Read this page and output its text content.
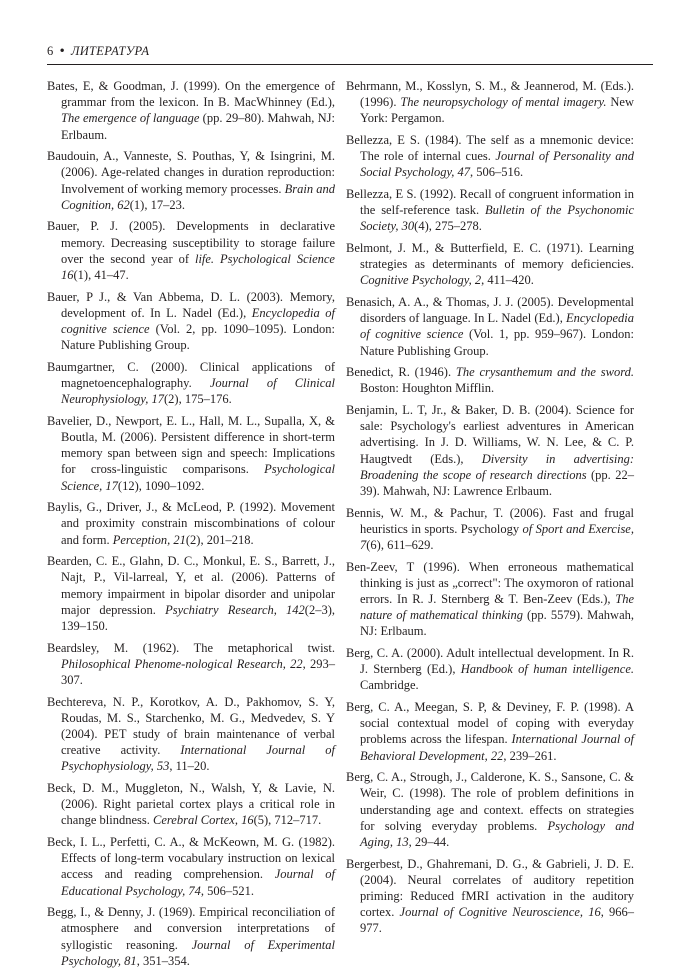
6 • ЛИТЕРАТУРА

Bates, E, & Goodman, J. (1999). On the emergence of grammar from the lexicon. In B. MacWhinney (Ed.), The emergence of language (pp. 29–80). Mahwah, NJ: Erlbaum.

Baudouin, A., Vanneste, S. Pouthas, Y, & Isingrini, M. (2006). Age-related changes in duration reproduction: Involvement of working memory processes. Brain and Cognition, 62(1), 17–23.

Bauer, P. J. (2005). Developments in declarative memory. Decreasing susceptibility to storage failure over the second year of life. Psychological Science 16(1), 41–47.

Bauer, P J., & Van Abbema, D. L. (2003). Memory, development of. In L. Nadel (Ed.), Encyclopedia of cognitive science (Vol. 2, pp. 1090–1095). London: Nature Publishing Group.

Baumgartner, C. (2000). Clinical applications of magnetoencephalography. Journal of Clinical Neurophysiology, 17(2), 175–176.

Bavelier, D., Newport, E. L., Hall, M. L., Supalla, X, & Boutla, M. (2006). Persistent difference in short-term memory span between sign and speech: Implications for cross-linguistic comparisons. Psychological Science, 17(12), 1090–1092.

Baylis, G., Driver, J., & McLeod, P. (1992). Movement and proximity constrain miscombinations of colour and form. Perception, 21(2), 201–218.

Bearden, C. E., Glahn, D. C., Monkul, E. S., Barrett, J., Najt, P., Vil-larreal, Y, et al. (2006). Patterns of memory impairment in bipolar disorder and unipolar major depression. Psychiatry Research, 142(2–3), 139–150.

Beardsley, M. (1962). The metaphorical twist. Philosophical Phenome-nological Research, 22, 293–307.

Bechtereva, N. P., Korotkov, A. D., Pakhomov, S. Y, Roudas, M. S., Starchenko, M. G., Medvedev, S. Y (2004). PET study of brain maintenance of verbal creative activity. International Journal of Psychophysiology, 53, 11–20.

Beck, D. M., Muggleton, N., Walsh, Y, & Lavie, N. (2006). Right parietal cortex plays a critical role in change blindness. Cerebral Cortex, 16(5), 712–717.

Beck, I. L., Perfetti, C. A., & McKeown, M. G. (1982). Effects of long-term vocabulary instruction on lexical access and reading comprehension. Journal of Educational Psychology, 74, 506–521.

Begg, I., & Denny, J. (1969). Empirical reconciliation of atmosphere and conversion interpretations of syllogistic reasoning. Journal of Experimental Psychology, 81, 351–354.

Behrmann, M., Kosslyn, S. M., & Jeannerod, M. (Eds.). (1996). The neuropsychology of mental imagery. New York: Pergamon.

Bellezza, E S. (1984). The self as a mnemonic device: The role of internal cues. Journal of Personality and Social Psychology, 47, 506–516.

Bellezza, E S. (1992). Recall of congruent information in the self-reference task. Bulletin of the Psychonomic Society, 30(4), 275–278.

Belmont, J. M., & Butterfield, E. C. (1971). Learning strategies as determinants of memory deficiencies. Cognitive Psychology, 2, 411–420.

Benasich, A. A., & Thomas, J. J. (2005). Developmental disorders of language. In L. Nadel (Ed.), Encyclopedia of cognitive science (Vol. 1, pp. 959–967). London: Nature Publishing Group.

Benedict, R. (1946). The crysanthemum and the sword. Boston: Houghton Mifflin.

Benjamin, L. T, Jr., & Baker, D. B. (2004). Science for sale: Psychology's earliest adventures in American advertising. In J. D. Williams, W. N. Lee, & C. P. Haugtvedt (Eds.), Diversity in advertising: Broadening the scope of research directions (pp. 22–39). Mahwah, NJ: Lawrence Erlbaum.

Bennis, W. M., & Pachur, T. (2006). Fast and frugal heuristics in sports. Psychology of Sport and Exercise, 7(6), 611–629.

Ben-Zeev, T (1996). When erroneous mathematical thinking is just as „correct": The oxymoron of rational errors. In R. J. Sternberg & T. Ben-Zeev (Eds.), The nature of mathematical thinking (pp. 5579). Mahwah, NJ: Erlbaum.

Berg, C. A. (2000). Adult intellectual development. In R. J. Sternberg (Ed.), Handbook of human intelligence. Cambridge.

Berg, C. A., Meegan, S. P, & Deviney, F. P. (1998). A social contextual model of coping with everyday problems across the lifespan. International Journal of Behavioral Development, 22, 239–261.

Berg, C. A., Strough, J., Calderone, K. S., Sansone, C. & Weir, C. (1998). The role of problem definitions in understanding age and context. effects on strategies for solving everyday problems. Psychology and Aging, 13, 29–44.

Bergerbest, D., Ghahremani, D. G., & Gabrieli, J. D. E. (2004). Neural correlates of auditory repetition priming: Reduced fMRI activation in the auditory cortex. Journal of Cognitive Neuroscience, 16, 966–977.
